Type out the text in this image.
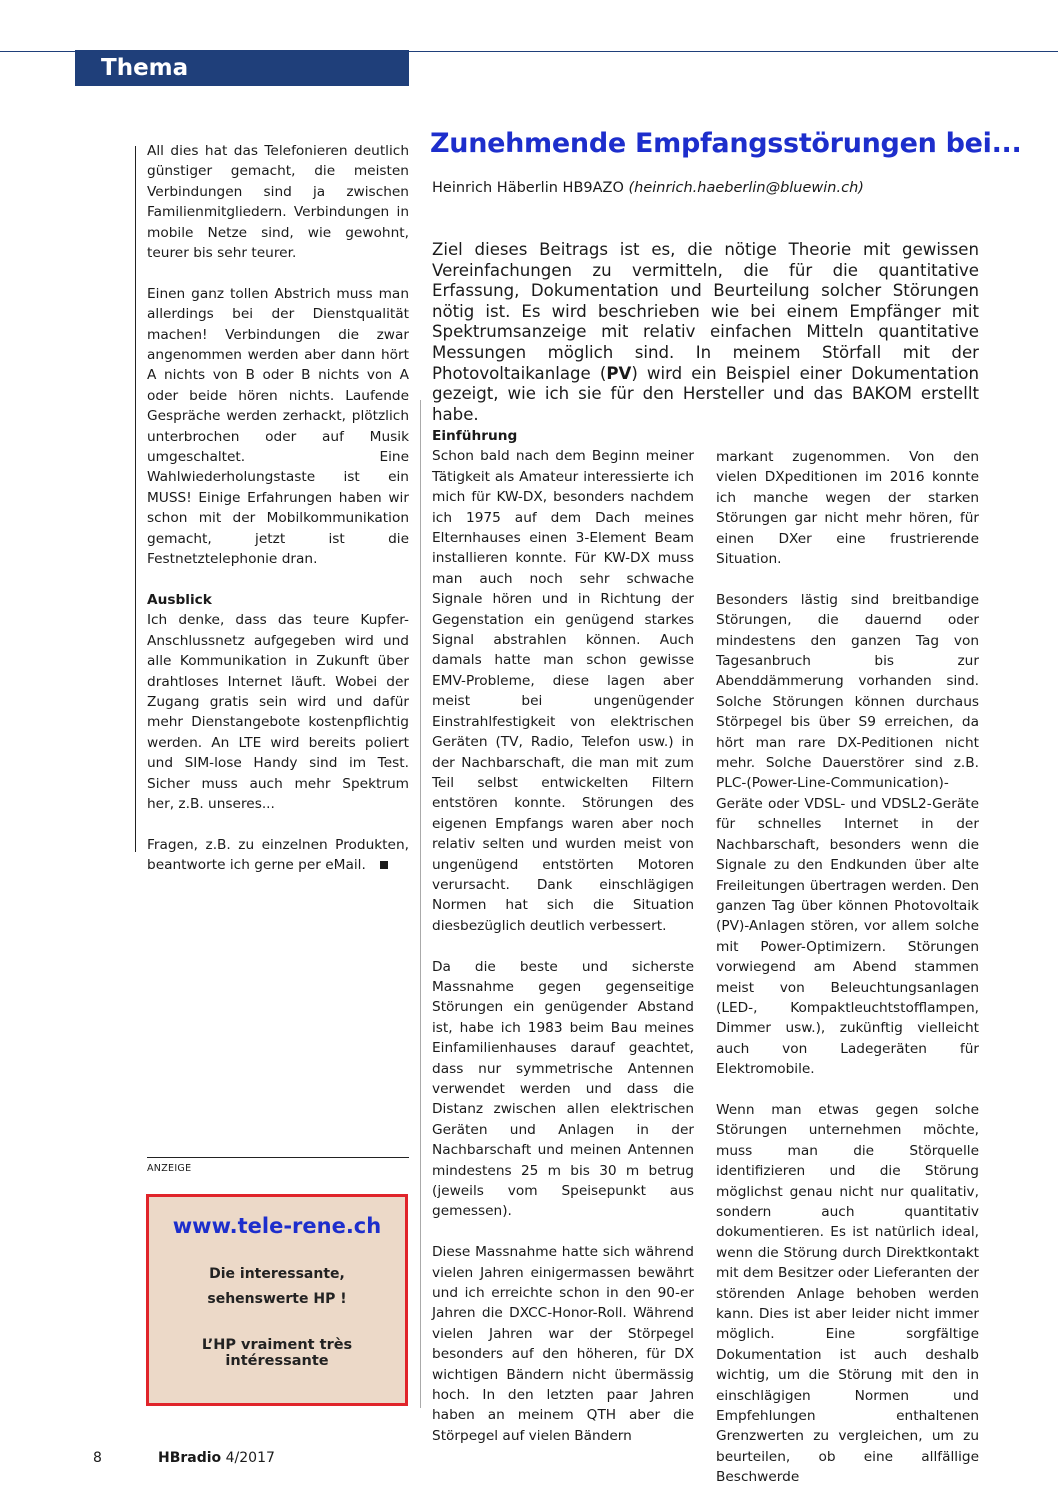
Thema

All dies hat das Telefonieren deutlich günstiger gemacht, die meisten Verbindungen sind ja zwischen Familienmitgliedern. Verbindungen in mobile Netze sind, wie gewohnt, teurer bis sehr teurer.

Einen ganz tollen Abstrich muss man allerdings bei der Dienstqualität machen! Verbindungen die zwar angenommen werden aber dann hört A nichts von B oder B nichts von A oder beide hören nichts. Laufende Gespräche werden zerhackt, plötzlich unterbrochen oder auf Musik umgeschaltet. Eine Wahlwiederholungstaste ist ein MUSS! Einige Erfahrungen haben wir schon mit der Mobilkommunikation gemacht, jetzt ist die Festnetztelephonie dran.

Ausblick

Ich denke, dass das teure Kupfer-Anschlussnetz aufgegeben wird und alle Kommunikation in Zukunft über drahtloses Internet läuft. Wobei der Zugang gratis sein wird und dafür mehr Dienstangebote kostenpflichtig werden. An LTE wird bereits poliert und SIM-lose Handy sind im Test. Sicher muss auch mehr Spektrum her, z.B. unseres...

Fragen, z.B. zu einzelnen Produkten, beantworte ich gerne per eMail.

Zunehmende Empfangsstörungen bei...
Heinrich Häberlin HB9AZO (heinrich.haeberlin@bluewin.ch)
Ziel dieses Beitrags ist es, die nötige Theorie mit gewissen Vereinfachungen zu vermitteln, die für die quantitative Erfassung, Dokumentation und Beurteilung solcher Störungen nötig ist. Es wird beschrieben wie bei einem Empfänger mit Spektrumsanzeige mit relativ einfachen Mitteln quantitative Messungen möglich sind. In meinem Störfall mit der Photovoltaikanlage (PV) wird ein Beispiel einer Dokumentation gezeigt, wie ich sie für den Hersteller und das BAKOM erstellt habe.

Einführung

Schon bald nach dem Beginn meiner Tätigkeit als Amateur interessierte ich mich für KW-DX, besonders nachdem ich 1975 auf dem Dach meines Elternhauses einen 3-Element Beam installieren konnte. Für KW-DX muss man auch noch sehr schwache Signale hören und in Richtung der Gegenstation ein genügend starkes Signal abstrahlen können. Auch damals hatte man schon gewisse EMV-Probleme, diese lagen aber meist bei ungenügender Einstrahlfestigkeit von elektrischen Geräten (TV, Radio, Telefon usw.) in der Nachbarschaft, die man mit zum Teil selbst entwickelten Filtern entstören konnte. Störungen des eigenen Empfangs waren aber noch relativ selten und wurden meist von ungenügend entstörten Motoren verursacht. Dank einschlägigen Normen hat sich die Situation diesbezüglich deutlich verbessert.

Da die beste und sicherste Massnahme gegen gegenseitige Störungen ein genügender Abstand ist, habe ich 1983 beim Bau meines Einfamilienhauses darauf geachtet, dass nur symmetrische Antennen verwendet werden und dass die Distanz zwischen allen elektrischen Geräten und Anlagen in der Nachbarschaft und meinen Antennen mindestens 25 m bis 30 m betrug (jeweils vom Speisepunkt aus gemessen).

Diese Massnahme hatte sich während vielen Jahren einigermassen bewährt und ich erreichte schon in den 90-er Jahren die DXCC-Honor-Roll. Während vielen Jahren war der Störpegel besonders auf den höheren, für DX wichtigen Bändern nicht übermässig hoch. In den letzten paar Jahren haben an meinem QTH aber die Störpegel auf vielen Bändern

markant zugenommen. Von den vielen DXpeditionen im 2016 konnte ich manche wegen der starken Störungen gar nicht mehr hören, für einen DXer eine frustrierende Situation.

Besonders lästig sind breitbandige Störungen, die dauernd oder mindestens den ganzen Tag von Tagesanbruch bis zur Abenddämmerung vorhanden sind. Solche Störungen können durchaus Störpegel bis über S9 erreichen, da hört man rare DX-Peditionen nicht mehr. Solche Dauerstörer sind z.B. PLC-(Power-Line-Communication)-Geräte oder VDSL- und VDSL2-Geräte für schnelles Internet in der Nachbarschaft, besonders wenn die Signale zu den Endkunden über alte Freileitungen übertragen werden. Den ganzen Tag über können Photovoltaik (PV)-Anlagen stören, vor allem solche mit Power-Optimizern. Störungen vorwiegend am Abend stammen meist von Beleuchtungsanlagen (LED-, Kompaktleuchtstofflampen, Dimmer usw.), zukünftig vielleicht auch von Ladegeräten für Elektromobile.

Wenn man etwas gegen solche Störungen unternehmen möchte, muss man die Störquelle identifizieren und die Störung möglichst genau nicht nur qualitativ, sondern auch quantitativ dokumentieren. Es ist natürlich ideal, wenn die Störung durch Direktkontakt mit dem Besitzer oder Lieferanten der störenden Anlage behoben werden kann. Dies ist aber leider nicht immer möglich. Eine sorgfältige Dokumentation ist auch deshalb wichtig, um die Störung mit den in einschlägigen Normen und Empfehlungen enthaltenen Grenzwerten zu vergleichen, um zu beurteilen, ob eine allfällige Beschwerde

ANZEIGE
www.tele-rene.ch
Die interessante,
sehenswerte HP !
L’HP vraiment très intéressante
8	HBradio 4/2017
